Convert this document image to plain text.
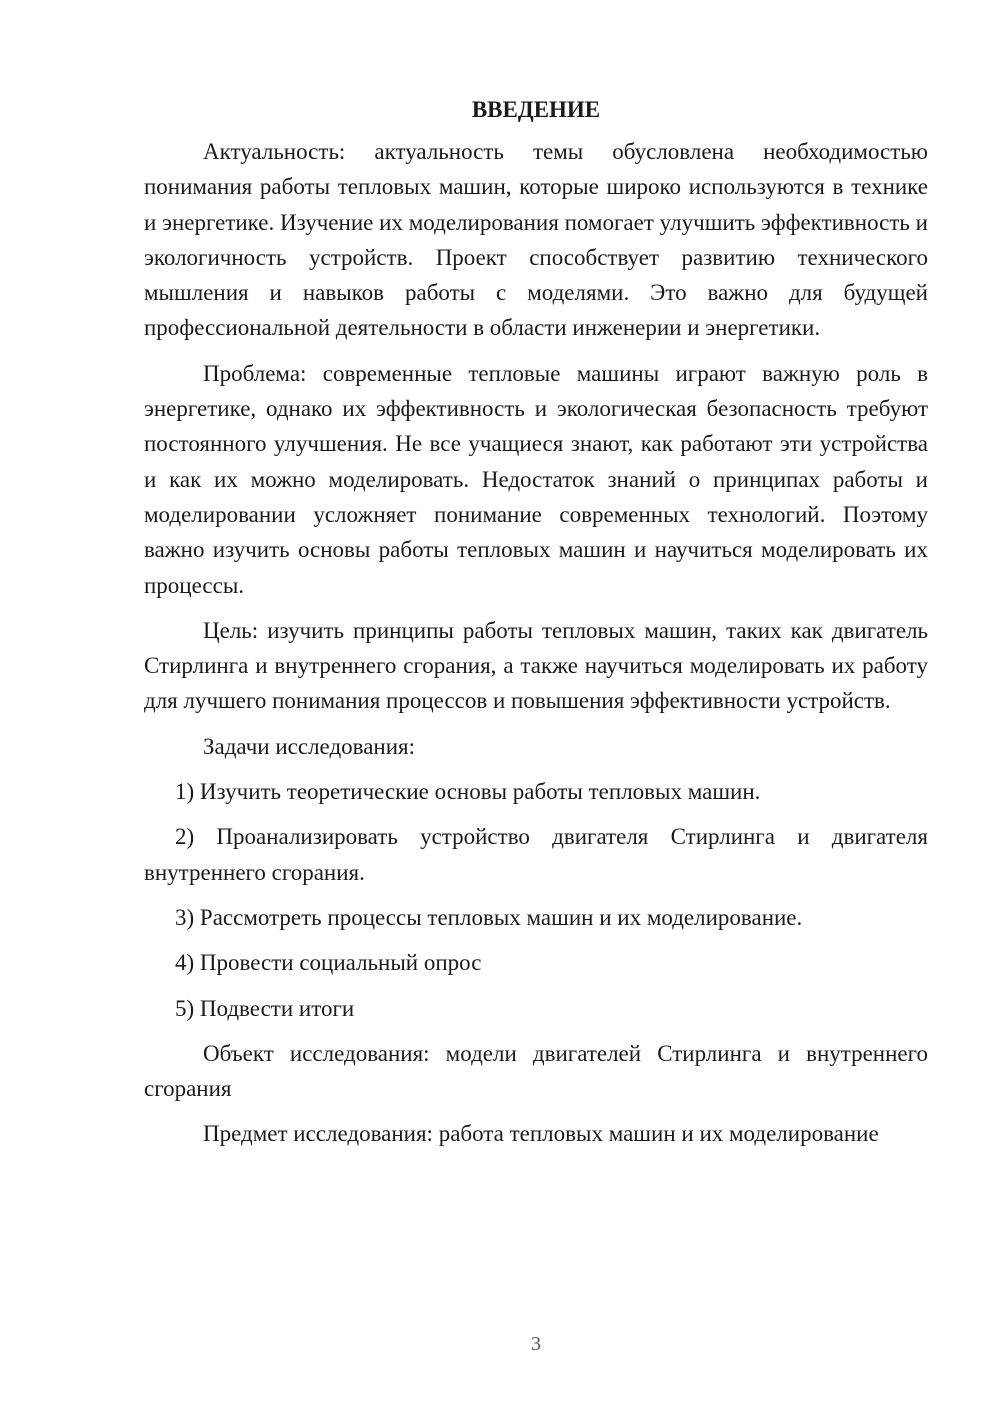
ВВЕДЕНИЕ

Актуальность: актуальность темы обусловлена необходимостью понимания работы тепловых машин, которые широко используются в технике и энергетике. Изучение их моделирования помогает улучшить эффективность и экологичность устройств. Проект способствует развитию технического мышления и навыков работы с моделями. Это важно для будущей профессиональной деятельности в области инженерии и энергетики.

Проблема: современные тепловые машины играют важную роль в энергетике, однако их эффективность и экологическая безопасность требуют постоянного улучшения. Не все учащиеся знают, как работают эти устройства и как их можно моделировать. Недостаток знаний о принципах работы и моделировании усложняет понимание современных технологий. Поэтому важно изучить основы работы тепловых машин и научиться моделировать их процессы.

Цель: изучить принципы работы тепловых машин, таких как двигатель Стирлинга и внутреннего сгорания, а также научиться моделировать их работу для лучшего понимания процессов и повышения эффективности устройств.

Задачи исследования:

1) Изучить теоретические основы работы тепловых машин.

2) Проанализировать устройство двигателя Стирлинга и двигателя внутреннего сгорания.

3) Рассмотреть процессы тепловых машин и их моделирование.

4) Провести социальный опрос

5) Подвести итоги

Объект исследования: модели двигателей Стирлинга и внутреннего сгорания

Предмет исследования: работа тепловых машин и их моделирование

3
